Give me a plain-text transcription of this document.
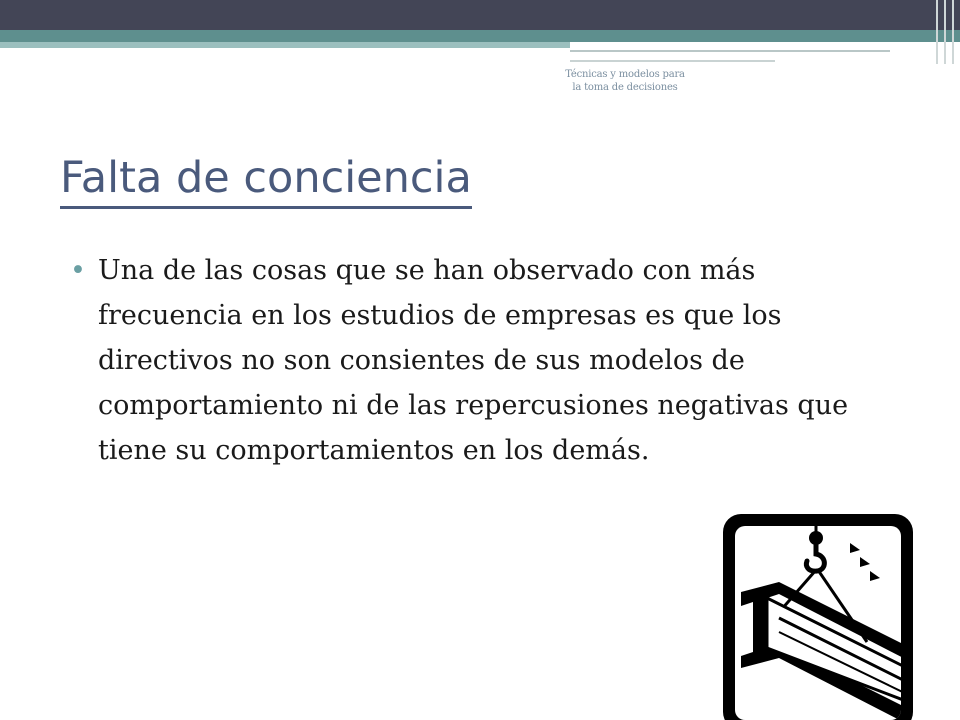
Técnicas y modelos para
la toma de decisiones
Falta de conciencia
• Una de las cosas que se han observado con más frecuencia en los estudios de empresas es que los directivos no son consientes de sus modelos de comportamiento ni de las repercusiones negativas que tiene su comportamientos en los demás.
